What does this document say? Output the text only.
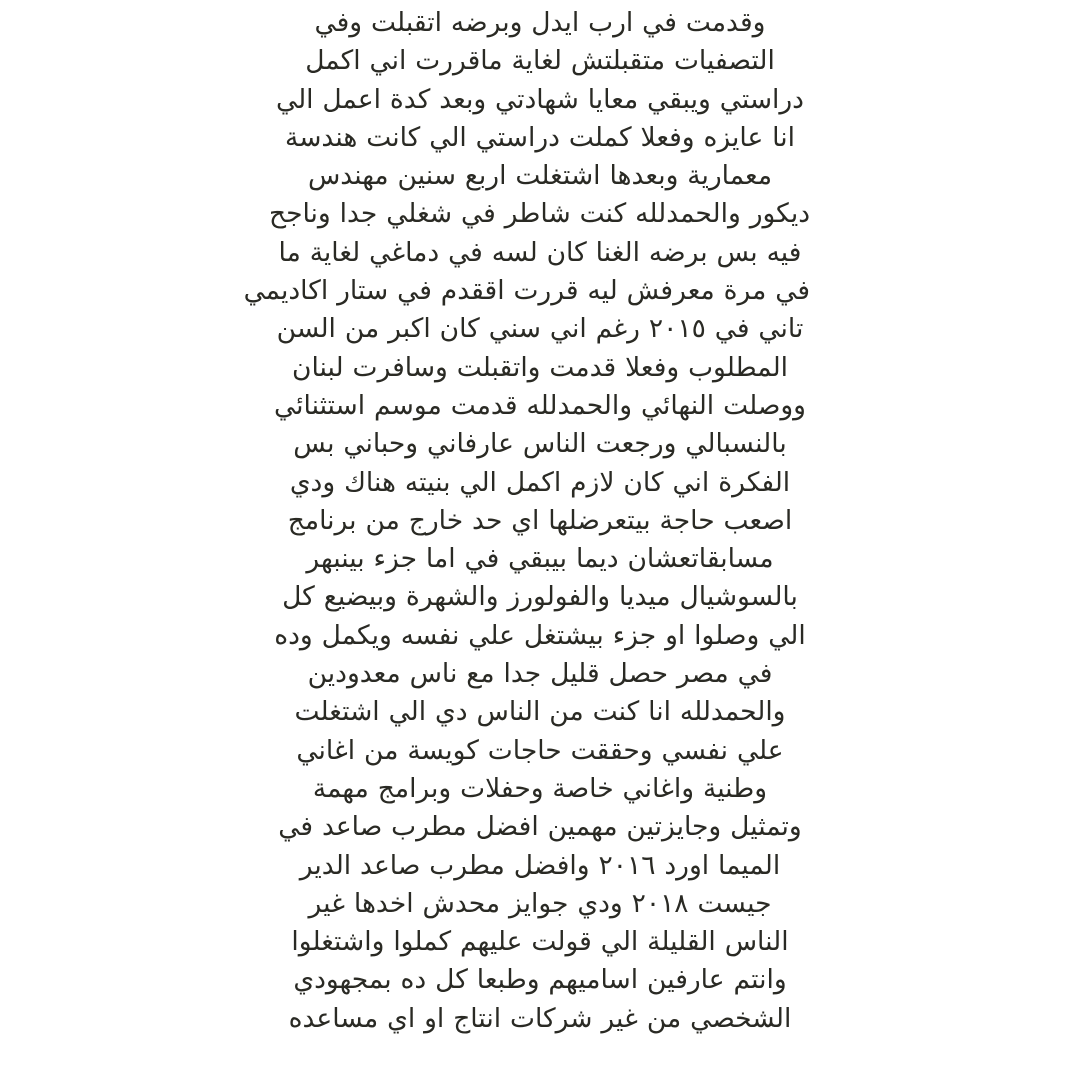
وقدمت في ارب ايدل وبرضه اتقبلت وفي
التصفيات متقبلتش لغاية ماقررت اني اكمل
دراستي ويبقي معايا شهادتي وبعد كدة اعمل الي
انا عايزه وفعلا كملت دراستي الي كانت هندسة
معمارية وبعدها اشتغلت اربع سنين مهندس
ديكور والحمدلله كنت شاطر في شغلي جدا وناجح
فيه بس برضه الغنا كان لسه في دماغي لغاية ما
في مرة معرفش ليه قررت اققدم في ستار اكاديمي
تاني في ٢٠١٥ رغم اني سني كان اكبر من السن
المطلوب وفعلا قدمت واتقبلت وسافرت لبنان
ووصلت النهائي والحمدلله قدمت موسم استثنائي
بالنسبالي ورجعت الناس عارفاني وحباني بس
الفكرة اني كان لازم اكمل الي بنيته هناك ودي
اصعب حاجة بيتعرضلها اي حد خارج من برنامج
مسابقاتعشان ديما بيبقي في اما جزء بينبهر
بالسوشيال ميديا والفولورز والشهرة وبيضيع كل
الي وصلوا او جزء بيشتغل علي نفسه ويكمل وده
في مصر حصل قليل جدا مع ناس معدودين
والحمدلله انا كنت من الناس دي الي اشتغلت
علي نفسي وحققت حاجات كويسة من اغاني
وطنية واغاني خاصة وحفلات وبرامج مهمة
وتمثيل وجايزتين مهمين افضل مطرب صاعد في
الميما اورد ٢٠١٦ وافضل مطرب صاعد الدير
جيست ٢٠١٨ ودي جوايز محدش اخدها غير
الناس القليلة الي قولت عليهم كملوا واشتغلوا
وانتم عارفين اساميهم وطبعا كل ده بمجهودي
الشخصي من غير شركات انتاج او اي مساعده
